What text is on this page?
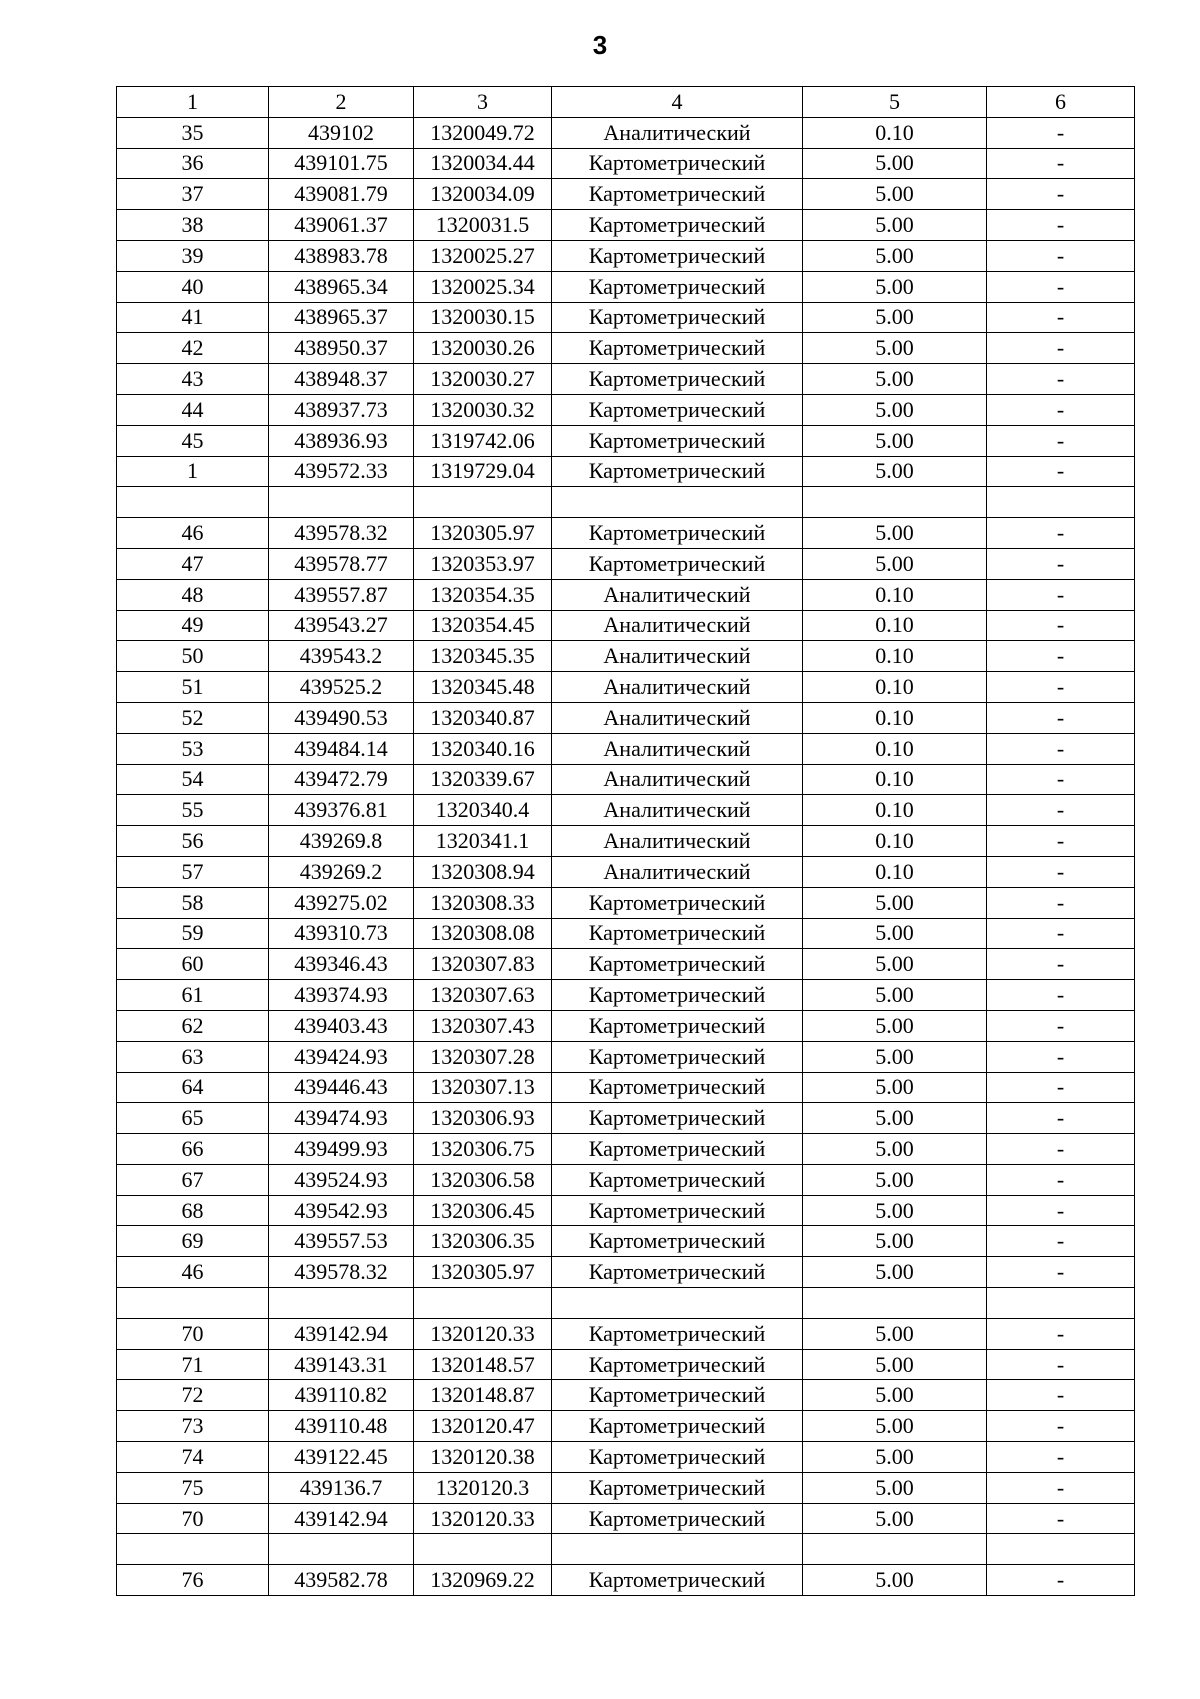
3
1	2	3	4	5	6
35	439102	1320049.72	Аналитический	0.10	-
36	439101.75	1320034.44	Картометрический	5.00	-
37	439081.79	1320034.09	Картометрический	5.00	-
38	439061.37	1320031.5	Картометрический	5.00	-
39	438983.78	1320025.27	Картометрический	5.00	-
40	438965.34	1320025.34	Картометрический	5.00	-
41	438965.37	1320030.15	Картометрический	5.00	-
42	438950.37	1320030.26	Картометрический	5.00	-
43	438948.37	1320030.27	Картометрический	5.00	-
44	438937.73	1320030.32	Картометрический	5.00	-
45	438936.93	1319742.06	Картометрический	5.00	-
1	439572.33	1319729.04	Картометрический	5.00	-

46	439578.32	1320305.97	Картометрический	5.00	-
47	439578.77	1320353.97	Картометрический	5.00	-
48	439557.87	1320354.35	Аналитический	0.10	-
49	439543.27	1320354.45	Аналитический	0.10	-
50	439543.2	1320345.35	Аналитический	0.10	-
51	439525.2	1320345.48	Аналитический	0.10	-
52	439490.53	1320340.87	Аналитический	0.10	-
53	439484.14	1320340.16	Аналитический	0.10	-
54	439472.79	1320339.67	Аналитический	0.10	-
55	439376.81	1320340.4	Аналитический	0.10	-
56	439269.8	1320341.1	Аналитический	0.10	-
57	439269.2	1320308.94	Аналитический	0.10	-
58	439275.02	1320308.33	Картометрический	5.00	-
59	439310.73	1320308.08	Картометрический	5.00	-
60	439346.43	1320307.83	Картометрический	5.00	-
61	439374.93	1320307.63	Картометрический	5.00	-
62	439403.43	1320307.43	Картометрический	5.00	-
63	439424.93	1320307.28	Картометрический	5.00	-
64	439446.43	1320307.13	Картометрический	5.00	-
65	439474.93	1320306.93	Картометрический	5.00	-
66	439499.93	1320306.75	Картометрический	5.00	-
67	439524.93	1320306.58	Картометрический	5.00	-
68	439542.93	1320306.45	Картометрический	5.00	-
69	439557.53	1320306.35	Картометрический	5.00	-
46	439578.32	1320305.97	Картометрический	5.00	-

70	439142.94	1320120.33	Картометрический	5.00	-
71	439143.31	1320148.57	Картометрический	5.00	-
72	439110.82	1320148.87	Картометрический	5.00	-
73	439110.48	1320120.47	Картометрический	5.00	-
74	439122.45	1320120.38	Картометрический	5.00	-
75	439136.7	1320120.3	Картометрический	5.00	-
70	439142.94	1320120.33	Картометрический	5.00	-

76	439582.78	1320969.22	Картометрический	5.00	-
